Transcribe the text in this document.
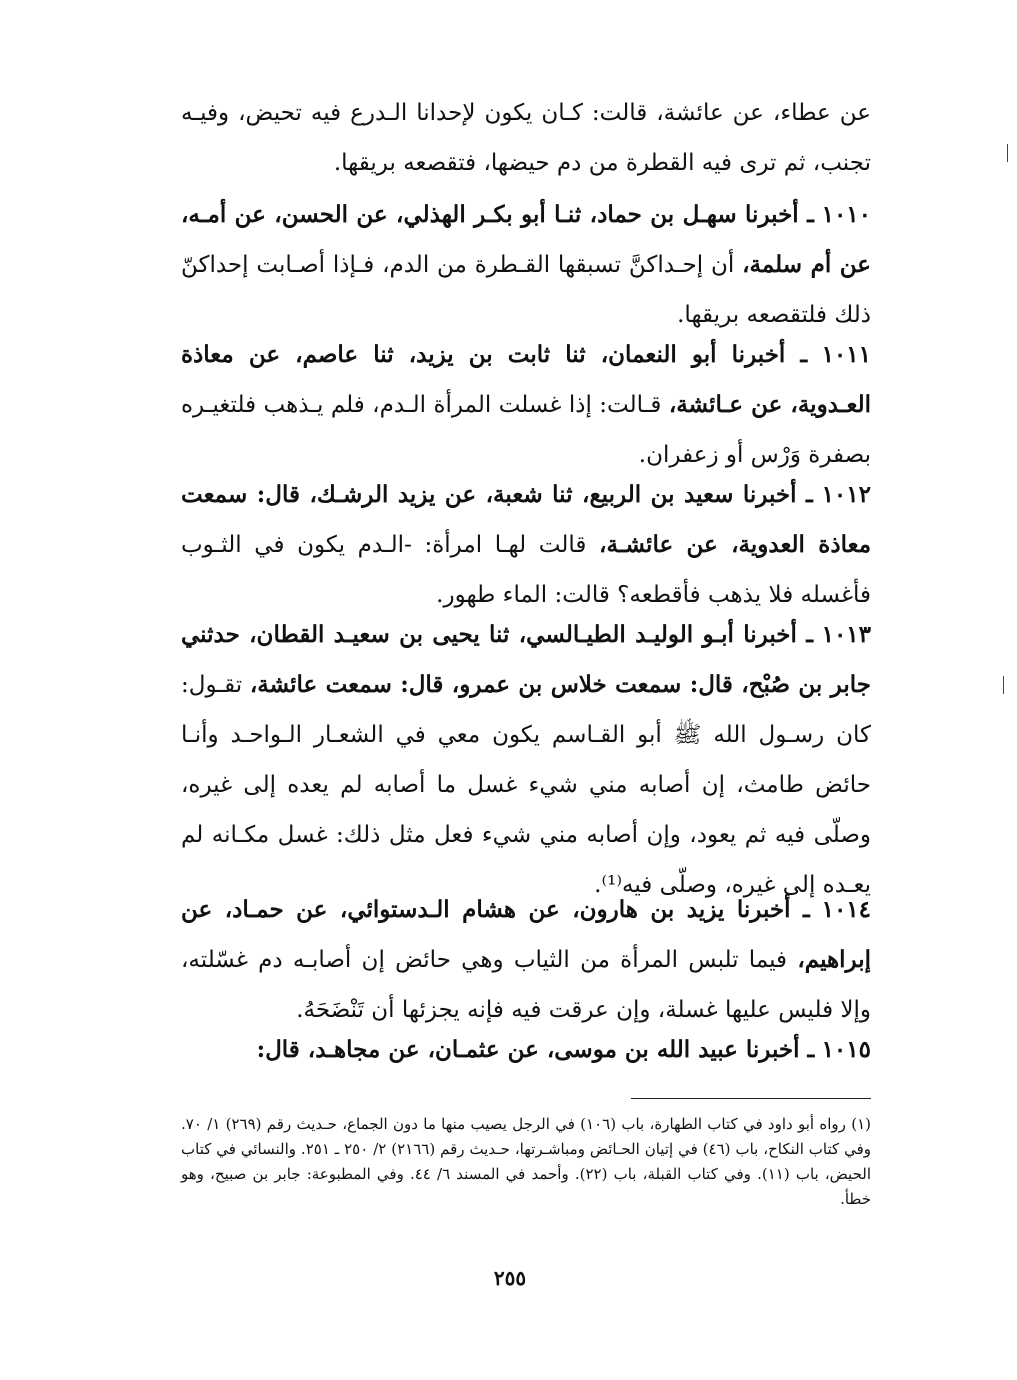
عن عطاء، عن عائشة، قالت: كـان يكون لإحدانا الـدرع فيه تحيض، وفيـه تجنب، ثم ترى فيه القطرة من دم حيضها، فتقصعه بريقها.

١٠١٠ ـ أخبرنا سهـل بن حماد، ثنـا أبو بكـر الهذلي، عن الحسن، عن أمـه، عن أم سلمة، أن إحـداكنَّ تسبقها القـطرة من الدم، فـإذا أصـابت إحداكنّ ذلك فلتقصعه بريقها.

١٠١١ ـ أخبرنا أبو النعمان، ثنا ثابت بن يزيد، ثنا عاصم، عن معاذة العـدوية، عن عـائشة، قـالت: إذا غسلت المرأة الـدم، فلم يـذهب فلتغيـره بصفرة وَرْس أو زعفران.

١٠١٢ ـ أخبرنا سعيد بن الربيع، ثنا شعبة، عن يزيد الرشـك، قال: سمعت معاذة العدوية، عن عائشـة، قالت لهـا امرأة: ‑الـدم يكون في الثـوب فأغسله فلا يذهب فأقطعه؟ قالت: الماء طهور.

١٠١٣ ـ أخبرنا أبـو الوليـد الطيـالسي، ثنا يحيى بن سعيـد القطان، حدثني جابر بن صُبْح، قال: سمعت خلاس بن عمرو، قال: سمعت عائشة، تقـول: كان رسـول الله ﷺ أبو القـاسم يكون معي في الشعـار الـواحـد وأنـا حائض طامث، إن أصابه مني شيء غسل ما أصابه لم يعده إلى غيره، وصلّى فيه ثم يعود، وإن أصابه مني شيء فعل مثل ذلك: غسل مكـانه لم يعـده إلى غيره، وصلّى فيه⁽¹⁾.

١٠١٤ ـ أخبرنا يزيد بن هارون، عن هشام الـدستوائي، عن حمـاد، عن إبراهيم، فيما تلبس المرأة من الثياب وهي حائض إن أصابـه دم غسّلته، وإلا فليس عليها غسلة، وإن عرقت فيه فإنه يجزئها أن تَنْضَحَهُ.

١٠١٥ ـ أخبرنا عبيد الله بن موسى، عن عثمـان، عن مجاهـد، قال:

(١) رواه أبو داود في كتاب الطهارة، باب (١٠٦) في الرجل يصيب منها ما دون الجماع، حـديث رقم (٢٦٩) ١/ ٧٠. وفي كتاب النكاح، باب (٤٦) في إتيان الحـائض ومباشـرتها، حـديث رقم (٢١٦٦) ٢/ ٢٥٠ ـ ٢٥١. والنسائي في كتاب الحيض، باب (١١). وفي كتاب القبلة، باب (٢٢). وأحمد في المسند ٦/ ٤٤. وفي المطبوعة: جابر بن صبيح، وهو خطأ.

٢٥٥
